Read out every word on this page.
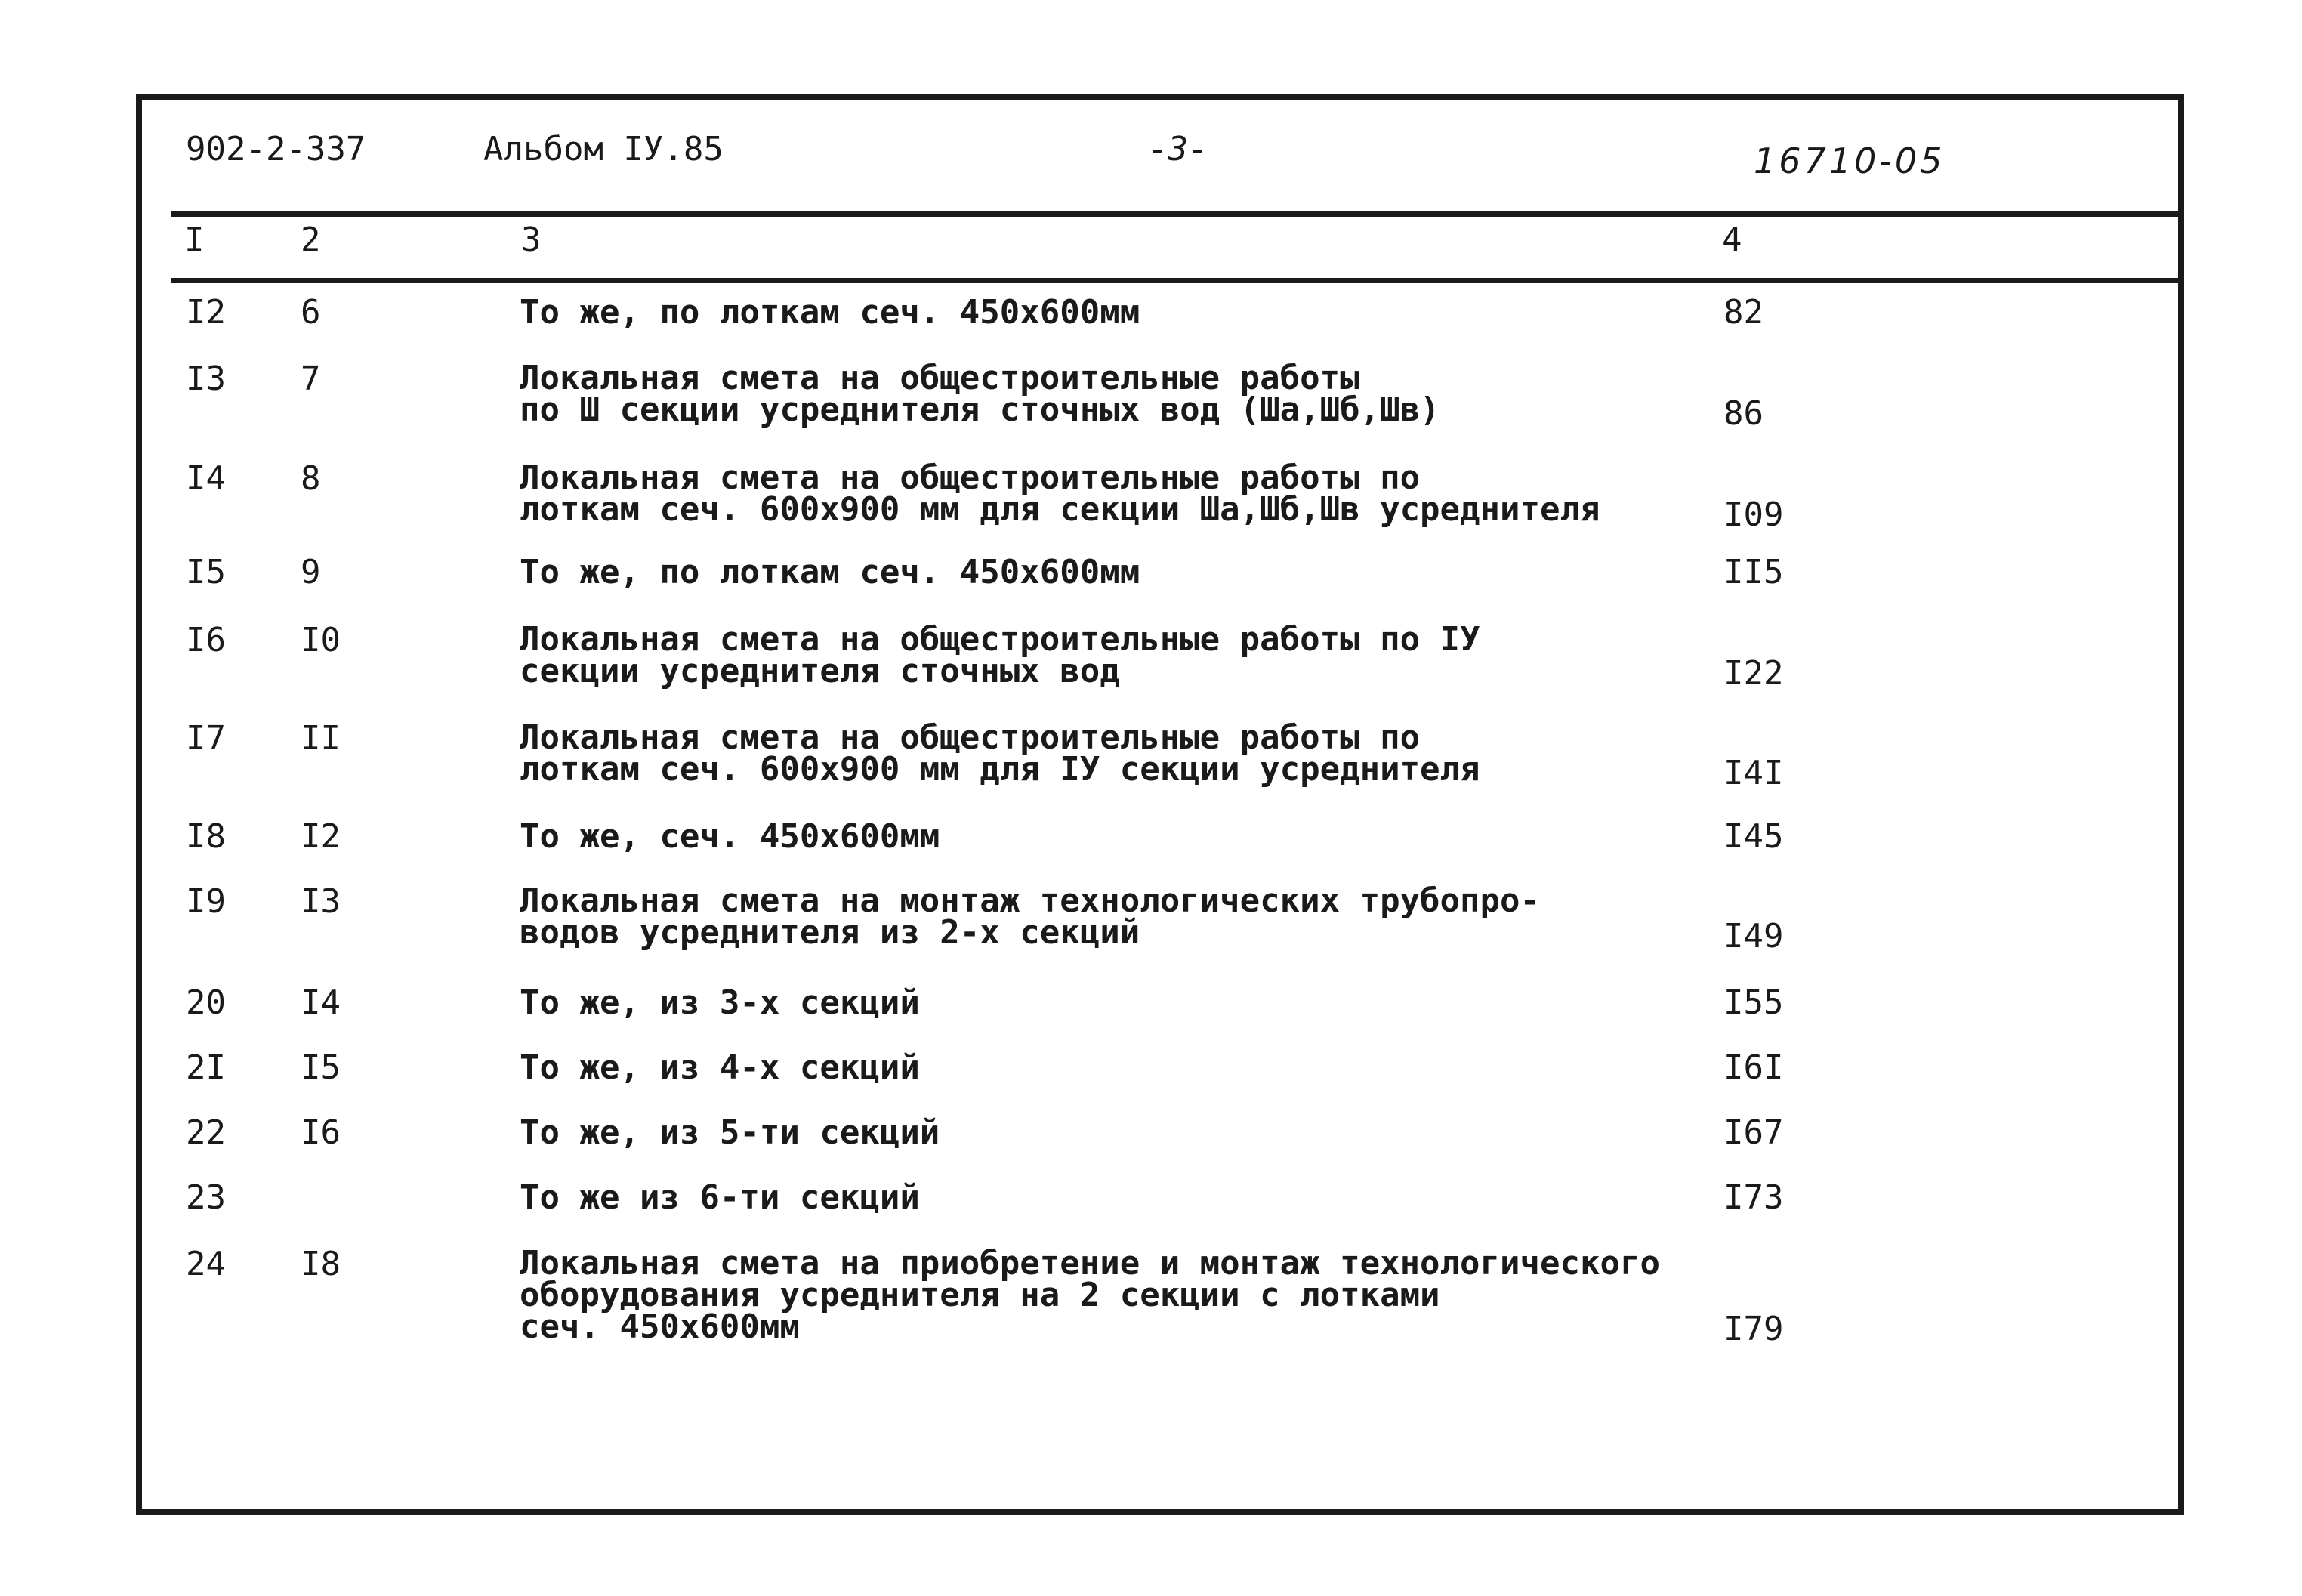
902-2-337	Альбом IУ.85	-3-	16710-05
I	2	3	4
I2 6	То же, по лоткам сеч. 450x600мм	82
I3 7	Локальная смета на общестроительные работы
по Ш секции усреднителя сточных вод (Шa,Шб,Шв)	86
I4 8	Локальная смета на общестроительные работы по
лоткам сеч. 600x900 мм для секции Шa,Шб,Шв усреднителя	I09
I5 9	То же, по лоткам сеч. 450x600мм	II5
I6 I0	Локальная смета на общестроительные работы по IУ
секции усреднителя сточных вод	I22
I7 II	Локальная смета на общестроительные работы по
лоткам сеч. 600x900 мм для IУ секции усреднителя	I4I
I8 I2	То же, сеч. 450x600мм	I45
I9 I3	Локальная смета на монтаж технологических трубопро-
водов усреднителя из 2-х секций	I49
20 I4	То же, из 3-х секций	I55
2I I5	То же, из 4-х секций	I6I
22 I6	То же, из 5-ти секций	I67
23	То же из 6-ти секций	I73
24 I8	Локальная смета на приобретение и монтаж технологического
оборудования усреднителя на 2 секции с лотками
сеч. 450x600мм	I79
